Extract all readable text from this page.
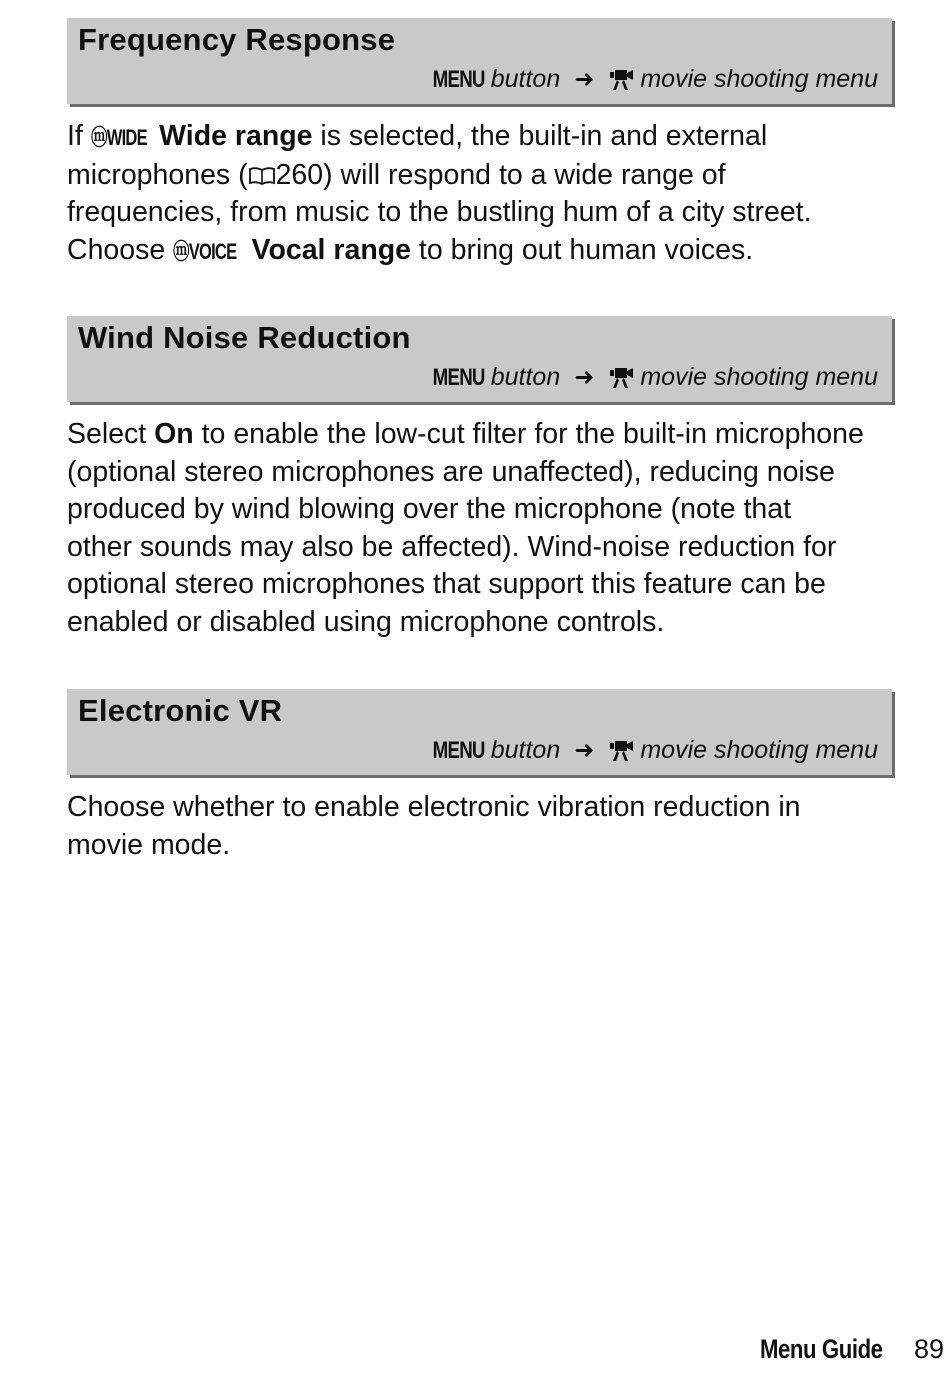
Frequency Response
MENU button ➜ movie shooting menu
If ⓜWIDE Wide range is selected, the built-in and external
microphones ( 260) will respond to a wide range of
frequencies, from music to the bustling hum of a city street.
Choose ⓜVOICE Vocal range to bring out human voices.
Wind Noise Reduction
MENU button ➜ movie shooting menu
Select On to enable the low-cut filter for the built-in microphone
(optional stereo microphones are unaffected), reducing noise
produced by wind blowing over the microphone (note that
other sounds may also be affected). Wind-noise reduction for
optional stereo microphones that support this feature can be
enabled or disabled using microphone controls.
Electronic VR
MENU button ➜ movie shooting menu
Choose whether to enable electronic vibration reduction in
movie mode.
Menu Guide 89
